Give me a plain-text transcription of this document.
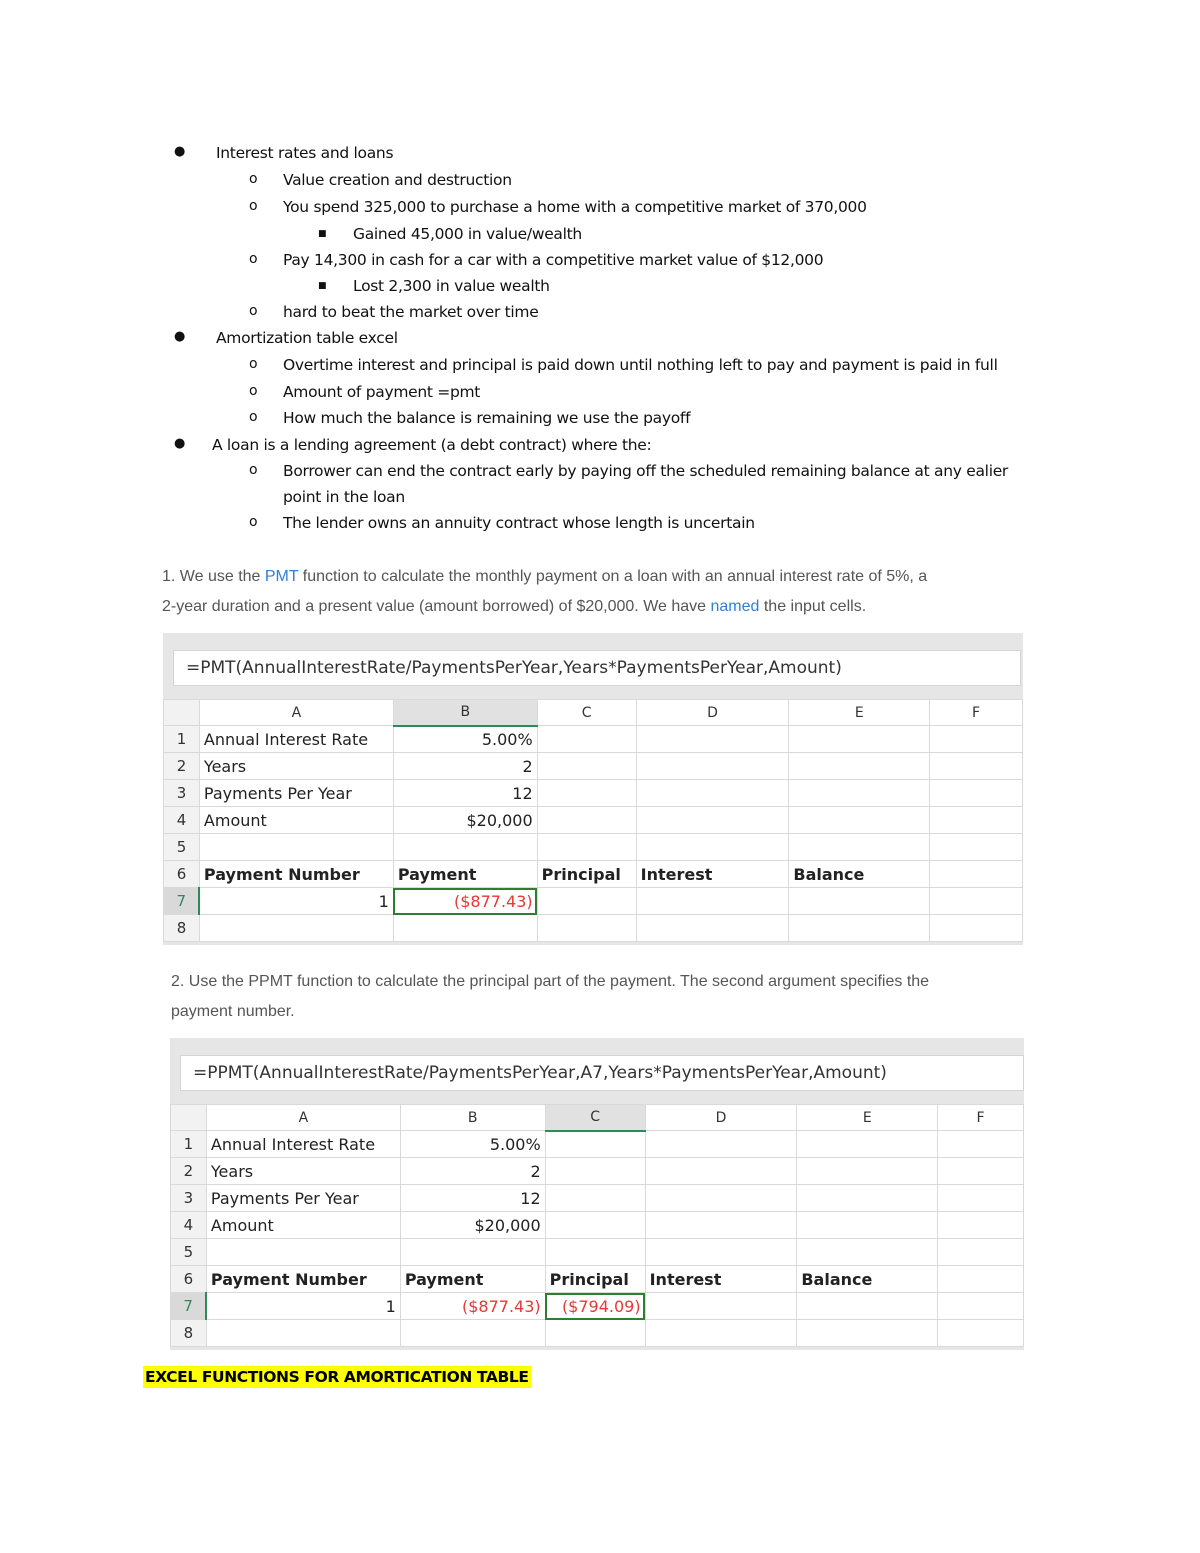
● Interest rates and loans
o Value creation and destruction
o You spend 325,000 to purchase a home with a competitive market of 370,000
■ Gained 45,000 in value/wealth
o Pay 14,300 in cash for a car with a competitive market value of $12,000
■ Lost 2,300 in value wealth
o hard to beat the market over time
● Amortization table excel
o Overtime interest and principal is paid down until nothing left to pay and payment is paid in full
o Amount of payment =pmt
o How much the balance is remaining we use the payoff
● A loan is a lending agreement (a debt contract) where the:
o Borrower can end the contract early by paying off the scheduled remaining balance at any ealier
point in the loan
o The lender owns an annuity contract whose length is uncertain
1. We use the PMT function to calculate the monthly payment on a loan with an annual interest rate of 5%, a
2-year duration and a present value (amount borrowed) of $20,000. We have named the input cells.
=PMT(AnnualInterestRate/PaymentsPerYear,Years*PaymentsPerYear,Amount)
	A	B	C	D	E	F
1	Annual Interest Rate	5.00%				
2	Years	2				
3	Payments Per Year	12				
4	Amount	$20,000				
5						
6	Payment Number	Payment	Principal	Interest	Balance	
7	1	($877.43)				
8						
2. Use the PPMT function to calculate the principal part of the payment. The second argument specifies the
payment number.
=PPMT(AnnualInterestRate/PaymentsPerYear,A7,Years*PaymentsPerYear,Amount)
	A	B	C	D	E	F
1	Annual Interest Rate	5.00%				
2	Years	2				
3	Payments Per Year	12				
4	Amount	$20,000				
5						
6	Payment Number	Payment	Principal	Interest	Balance	
7	1	($877.43)	($794.09)			
8						
EXCEL FUNCTIONS FOR AMORTICATION TABLE
